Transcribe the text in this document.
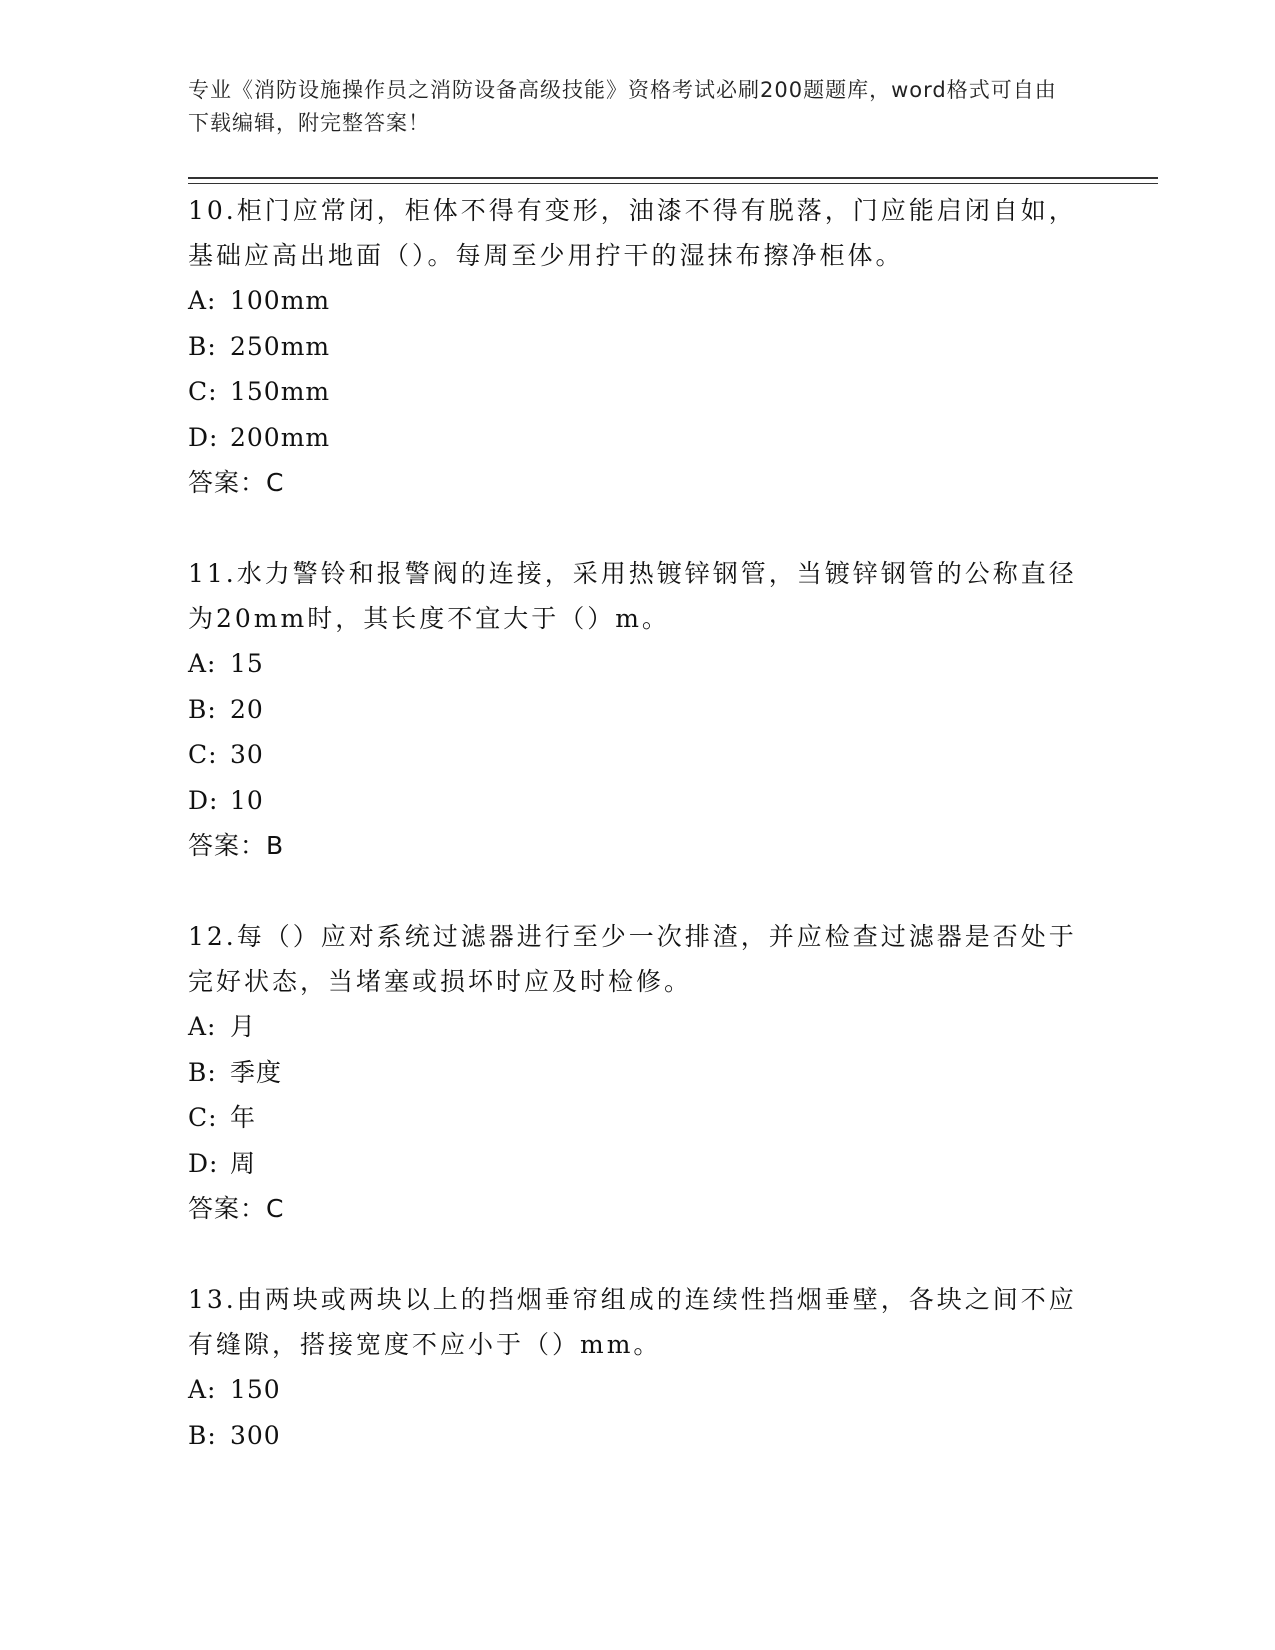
专业《消防设施操作员之消防设备高级技能》资格考试必刷200题题库，word格式可自由下载编辑，附完整答案！

10.柜门应常闭，柜体不得有变形，油漆不得有脱落，门应能启闭自如，基础应高出地面（）。每周至少用拧干的湿抹布擦净柜体。

A: 100mm
B: 250mm
C: 150mm
D: 200mm
答案：C

11.水力警铃和报警阀的连接，采用热镀锌钢管，当镀锌钢管的公称直径为20mm时，其长度不宜大于（）m。

A: 15
B: 20
C: 30
D: 10
答案：B

12.每（）应对系统过滤器进行至少一次排渣，并应检查过滤器是否处于完好状态，当堵塞或损坏时应及时检修。

A: 月
B: 季度
C: 年
D: 周
答案：C

13.由两块或两块以上的挡烟垂帘组成的连续性挡烟垂壁，各块之间不应有缝隙，搭接宽度不应小于（）mm。

A: 150
B: 300
